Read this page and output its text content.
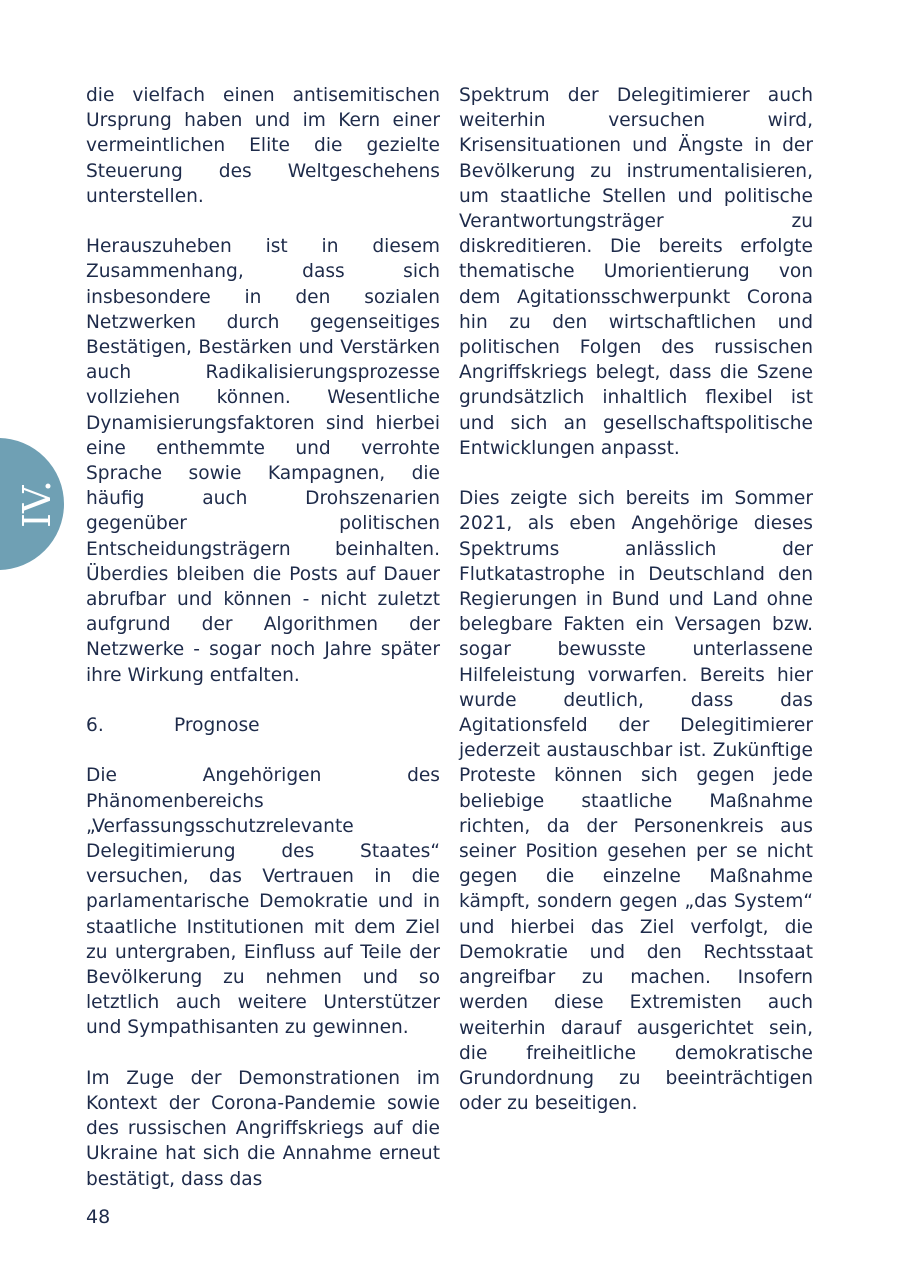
IV.

die vielfach einen antisemitischen Ursprung haben und im Kern einer vermeintlichen Elite die gezielte Steuerung des Weltgeschehens unterstellen.

Herauszuheben ist in diesem Zusammenhang, dass sich insbesondere in den sozialen Netzwerken durch gegenseitiges Bestätigen, Bestärken und Verstärken auch Radikalisierungsprozesse vollziehen können. Wesentliche Dynamisierungsfaktoren sind hierbei eine enthemmte und verrohte Sprache sowie Kampagnen, die häufig auch Drohszenarien gegenüber politischen Entscheidungsträgern beinhalten. Überdies bleiben die Posts auf Dauer abrufbar und können - nicht zuletzt aufgrund der Algorithmen der Netzwerke - sogar noch Jahre später ihre Wirkung entfalten.

6.	Prognose

Die Angehörigen des Phänomenbereichs „Verfassungsschutzrelevante Delegitimierung des Staates“ versuchen, das Vertrauen in die parlamentarische Demokratie und in staatliche Institutionen mit dem Ziel zu untergraben, Einfluss auf Teile der Bevölkerung zu nehmen und so letztlich auch weitere Unterstützer und Sympathisanten zu gewinnen.

Im Zuge der Demonstrationen im Kontext der Corona-Pandemie sowie des russischen Angriffskriegs auf die Ukraine hat sich die Annahme erneut bestätigt, dass das

Spektrum der Delegitimierer auch weiterhin versuchen wird, Krisensituationen und Ängste in der Bevölkerung zu instrumentalisieren, um staatliche Stellen und politische Verantwortungsträger zu diskreditieren. Die bereits erfolgte thematische Umorientierung von dem Agitationsschwerpunkt Corona hin zu den wirtschaftlichen und politischen Folgen des russischen Angriffskriegs belegt, dass die Szene grundsätzlich inhaltlich flexibel ist und sich an gesellschaftspolitische Entwicklungen anpasst.

Dies zeigte sich bereits im Sommer 2021, als eben Angehörige dieses Spektrums anlässlich der Flutkatastrophe in Deutschland den Regierungen in Bund und Land ohne belegbare Fakten ein Versagen bzw. sogar bewusste unterlassene Hilfeleistung vorwarfen. Bereits hier wurde deutlich, dass das Agitationsfeld der Delegitimierer jederzeit austauschbar ist. Zukünftige Proteste können sich gegen jede beliebige staatliche Maßnahme richten, da der Personenkreis aus seiner Position gesehen per se nicht gegen die einzelne Maßnahme kämpft, sondern gegen „das System“ und hierbei das Ziel verfolgt, die Demokratie und den Rechtsstaat angreifbar zu machen. Insofern werden diese Extremisten auch weiterhin darauf ausgerichtet sein, die freiheitliche demokratische Grundordnung zu beeinträchtigen oder zu beseitigen.

48
